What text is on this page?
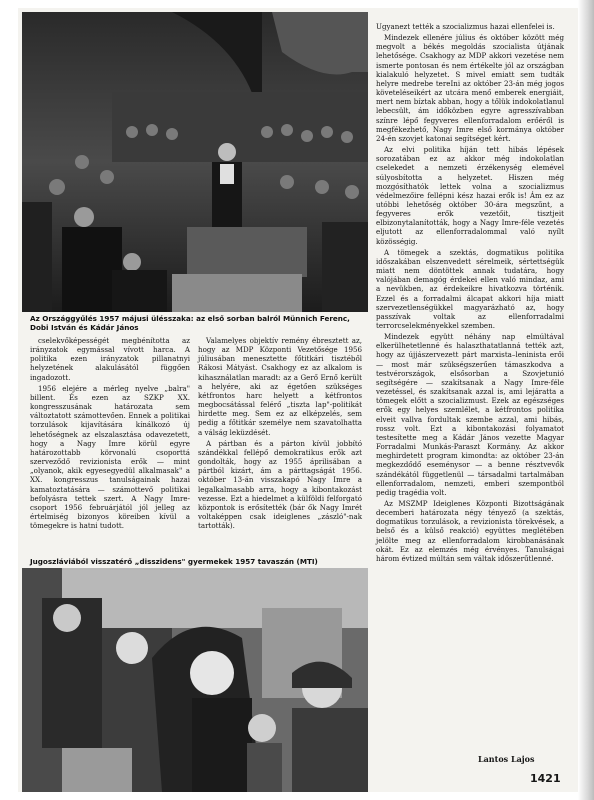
Az Országgyűlés 1957 májusi ülésszaka: az első sorban balról Münnich Ferenc, Dobi István és Kádár János

cselekvőképességét megbénította az irányzatok egymással vívott harca. A politika ezen irányzatok pillanatnyi helyzetének alakulásától függően ingadozott.

1956 elejére a mérleg nyelve „balra" billent. És ezen az SZKP XX. kongresszusának határozata sem változtatott számottevően. Ennek a politikai torzulások kijavítására kínálkozó új lehetőségnek az elszalasztása odavezetett, hogy a Nagy Imre körül egyre határozottabb körvonalú csoporttá szerveződő revizionista erők — mint „olyanok, akik egyesegyedül alkalmasak" a XX. kongresszus tanulságainak hazai kamatoztatására — számottevő politikai befolyásra tettek szert. A Nagy Imre-csoport 1956 februárjától jól jelleg az értelmiség bizonyos köreiben kívül a tömegekre is hatni tudott.

Valamelyes objektív remény ébresztett az, hogy az MDP Központi Vezetősége 1956 júliusában menesztette főtitkári tisztéből Rákosi Mátyást. Csakhogy ez az alkalom is kihasználatlan maradt: az a Gerő Ernő került a helyére, aki az égetően szükséges kétfrontos harc helyett a kétfrontos megbocsátással felérő „tiszta lap"-politikát hirdette meg. Sem ez az elképzelés, sem pedig a főtitkár személye nem szavatolhatta a válság leküzdését.

A pártban és a párton kívül jobbító szándékkal fellépő demokratikus erők azt gondolták, hogy az 1955 áprilisában a pártból kizárt, ám a párttagságát 1956. október 13-án visszakapó Nagy Imre a legalkalmasabb arra, hogy a kibontakozást vezesse. Ezt a hiedelmet a külföldi felforgató központok is erősítették (bár ők Nagy Imrét voltaképpen csak ideiglenes „zászló"-nak tartották).

Jugoszláviából visszatérő „disszidens" gyermekek 1957 tavaszán (MTI)

Ugyanezt tették a szocializmus hazai ellenfelei is.

Mindezek ellenére július és október között még megvolt a békés megoldás szocialista útjának lehetősége. Csakhogy az MDP akkori vezetése nem ismerte pontosan és nem értékelte jól az országban kialakuló helyzetet. S mivel emiatt sem tudták helyre medrebe tereIni az október 23-án még jogos követeléseikért az utcára menő emberek energiáit, mert nem bíztak abban, hogy a tőlük indokolatlanul lebecsült, ám időközben egyre agresszívabban színre lépő fegyveres ellenforradalom erőéről is megfékezhető, Nagy Imre első kormánya október 24-én szovjet katonai segítséget kért.

Az elvi politika híján tett hibás lépések sorozatában ez az akkor még indokolatlan cselekedet a nemzeti érzékenység elemével súlyosbította a helyzetet. Hiszen még mozgósíthatók lettek volna a szocializmus védelmezőire fellépni kész hazai erők is! Ám ez az utóbbi lehetőség október 30-ára megszűnt, a fegyveres erők vezetőit, tisztjeit elbizonytalanították, hogy a Nagy Imre-féle vezetés eljutott az ellenforradalommal való nyílt közösségig.

A tömegek a szektás, dogmatikus politika időszakában elszenvedett sérelmeik, sértettségük miatt nem döntöttek annak tudatára, hogy valójában demagóg érdekei ellen való mindaz, ami a nevükben, az érdekeikre hivatkozva történik. Ezzel és a forradalmi álcapat akkori híja miatt szervezetlenségükkel magyarázható az, hogy passzívak voltak az ellenforradalmi terrorcselekményekkel szemben.

Mindezek együtt néhány nap elmúltával elkerülhetetlenné és halaszthatatlanná tették azt, hogy az újjászervezett párt marxista–leninista erői — most már szükségszerűen támaszkodva a testvérországok, elsősorban a Szovjetunió segítségére — szakítsanak a Nagy Imre-féle vezetéssel, és szakítsanak azzal is, ami lejáratta a tömegek előtt a szocializmust. Ezek az egészséges erők egy helyes szemlélet, a kétfrontos politika elveit vallva fordultak szembe azzal, ami hibás, rossz volt. Ezt a kibontakozási folyamatot testesítette meg a Kádár János vezette Magyar Forradalmi Munkás-Paraszt Kormány. Az akkor meghirdetett program kimondta: az október 23-án megkezdődő eseménysor — a benne résztvevők szándékától függetlenül — társadalmi tartalmában ellenforradalom, nemzeti, emberi szempontból pedig tragédia volt.

Az MSZMP Ideiglenes Központi Bizottságának decemberi határozata négy tényező (a szektás, dogmatikus torzulások, a revizionista törekvések, a belső és a külső reakció) együttes meglétében jelölte meg az ellenforradalom kirobbanásának okát. Ez az elemzés még érvényes. Tanulságai három évtized múltán sem váltak időszerűtlenné.

Lantos Lajos
1421
